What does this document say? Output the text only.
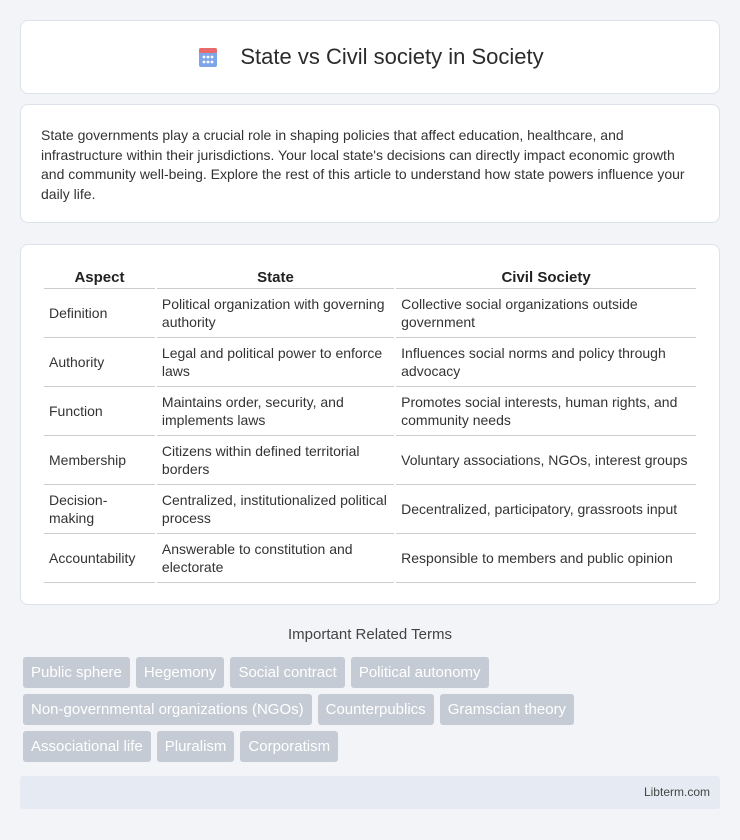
State vs Civil society in Society

State governments play a crucial role in shaping policies that affect education, healthcare, and infrastructure within their jurisdictions. Your local state's decisions can directly impact economic growth and community well-being. Explore the rest of this article to understand how state powers influence your daily life.

Aspect	State	Civil Society
Definition	Political organization with governing authority	Collective social organizations outside government
Authority	Legal and political power to enforce laws	Influences social norms and policy through advocacy
Function	Maintains order, security, and implements laws	Promotes social interests, human rights, and community needs
Membership	Citizens within defined territorial borders	Voluntary associations, NGOs, interest groups
Decision-making	Centralized, institutionalized political process	Decentralized, participatory, grassroots input
Accountability	Answerable to constitution and electorate	Responsible to members and public opinion
Important Related Terms
Public sphere	Hegemony	Social contract	Political autonomy
Non-governmental organizations (NGOs)	Counterpublics	Gramscian theory
Associational life	Pluralism	Corporatism
Libterm.com
